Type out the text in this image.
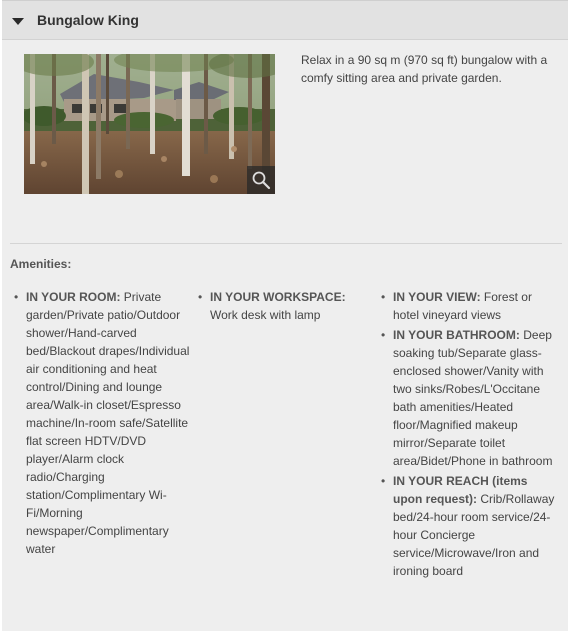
Bungalow King
Relax in a 90 sq m (970 sq ft) bungalow with a comfy sitting area and private garden.
Amenities:
• IN YOUR ROOM: Private garden/Private patio/Outdoor shower/Hand-carved bed/Blackout drapes/Individual air conditioning and heat control/Dining and lounge area/Walk-in closet/Espresso machine/In-room safe/Satellite flat screen HDTV/DVD player/Alarm clock radio/Charging station/Complimentary Wi-Fi/Morning newspaper/Complimentary water
• IN YOUR WORKSPACE: Work desk with lamp
• IN YOUR VIEW: Forest or hotel vineyard views
• IN YOUR BATHROOM: Deep soaking tub/Separate glass-enclosed shower/Vanity with two sinks/Robes/L'Occitane bath amenities/Heated floor/Magnified makeup mirror/Separate toilet area/Bidet/Phone in bathroom
• IN YOUR REACH (items upon request): Crib/Rollaway bed/24-hour room service/24-hour Concierge service/Microwave/Iron and ironing board
